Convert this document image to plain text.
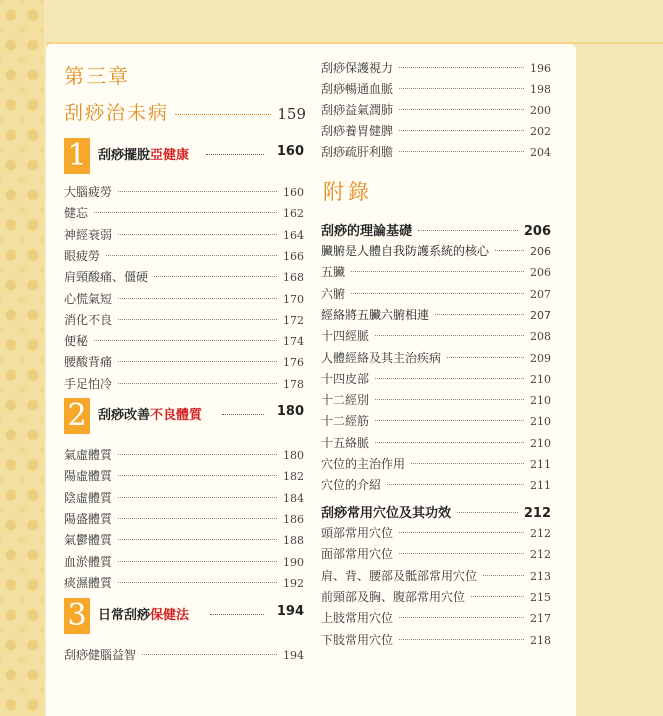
第三章
刮痧治未病	159
1 刮痧擺脫亞健康	160
大腦疲勞	160
健忘	162
神經衰弱	164
眼疲勞	166
肩頸酸痛、僵硬	168
心慌氣短	170
消化不良	172
便秘	174
腰酸背痛	176
手足怕冷	178
2 刮痧改善不良體質	180
氣虛體質	180
陽虛體質	182
陰虛體質	184
陽盛體質	186
氣鬱體質	188
血淤體質	190
痰濕體質	192
3 日常刮痧保健法	194
刮痧健腦益智	194
刮痧保護視力	196
刮痧暢通血脈	198
刮痧益氣潤肺	200
刮痧養胃健脾	202
刮痧疏肝利膽	204
附錄
刮痧的理論基礎	206
臟腑是人體自我防護系統的核心	206
五臟	206
六腑	207
經絡將五臟六腑相連	207
十四經脈	208
人體經絡及其主治疾病	209
十四皮部	210
十二經別	210
十二經筋	210
十五絡脈	210
穴位的主治作用	211
穴位的介紹	211
刮痧常用穴位及其功效	212
頭部常用穴位	212
面部常用穴位	212
肩、背、腰部及骶部常用穴位	213
前頸部及胸、腹部常用穴位	215
上肢常用穴位	217
下肢常用穴位	218
